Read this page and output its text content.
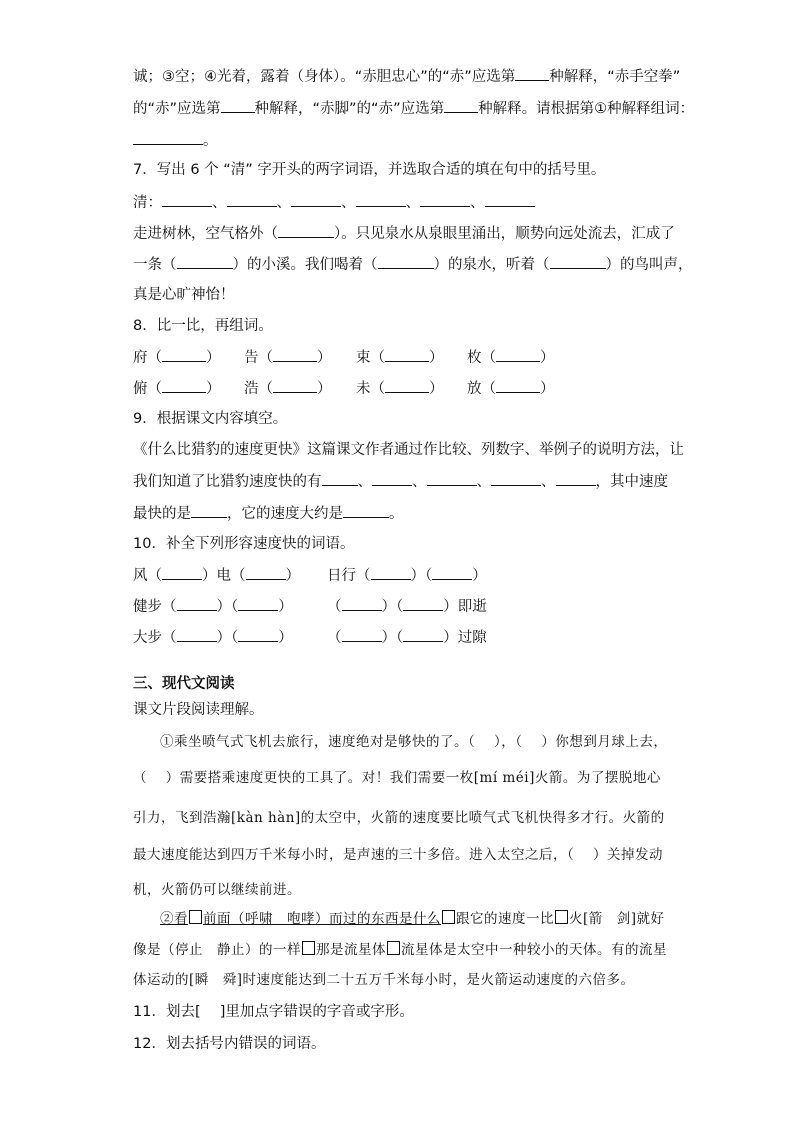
诚；③空；④光着，露着（身体）。“赤胆忠心”的“赤”应选第 种解释，“赤手空拳”
的“赤”应选第 种解释，“赤脚”的“赤”应选第 种解释。请根据第①种解释组词：
。
7．写出 6 个 “清” 字开头的两字词语，并选取合适的填在句中的括号里。
清：	、	、	、	、	、
走进树林，空气格外（	）。只见泉水从泉眼里涌出，顺势向远处流去，汇成了
一条（	）的小溪。我们喝着（	）的泉水，听着（	）的鸟叫声，
真是心旷神怡！
8．比一比，再组词。
府（	） 告（	） 束（	） 枚（	）
俯（	） 浩（	） 未（	） 放（	）
9．根据课文内容填空。
《什么比猎豹的速度更快》这篇课文作者通过作比较、列数字、举例子的说明方法，让
我们知道了比猎豹速度快的有 、	、	、	、	，其中速度
最快的是 ，它的速度大约是	。
10．补全下列形容速度快的词语。
风（	）电（	） 日行（	）（	）
健步（	）（	） （	）（	）即逝
大步（	）（	） （	）（	）过隙
三、现代文阅读
课文片段阅读理解。
①乘坐喷气式飞机去旅行，速度绝对是够快的了。（　 ），（　 ）你想到月球上去，
（　 ）需要搭乘速度更快的工具了。对！我们需要一枚[mí méi]火箭。为了摆脱地心
引力，飞到浩瀚[kàn hàn]的太空中，火箭的速度要比喷气式飞机快得多才行。火箭的
最大速度能达到四万千米每小时，是声速的三十多倍。进入太空之后，（　 ）关掉发动
机，火箭仍可以继续前进。
②看 前面（呼啸　咆哮）而过的东西是什么 跟它的速度一比 火[箭　剑]就好
像是（停止　静止）的一样 那是流星体 流星体是太空中一种较小的天体。有的流星
体运动的[瞬　舜]时速度能达到二十五万千米每小时，是火箭运动速度的六倍多。
11．划去[　 ]里加点字错误的字音或字形。
12．划去括号内错误的词语。
